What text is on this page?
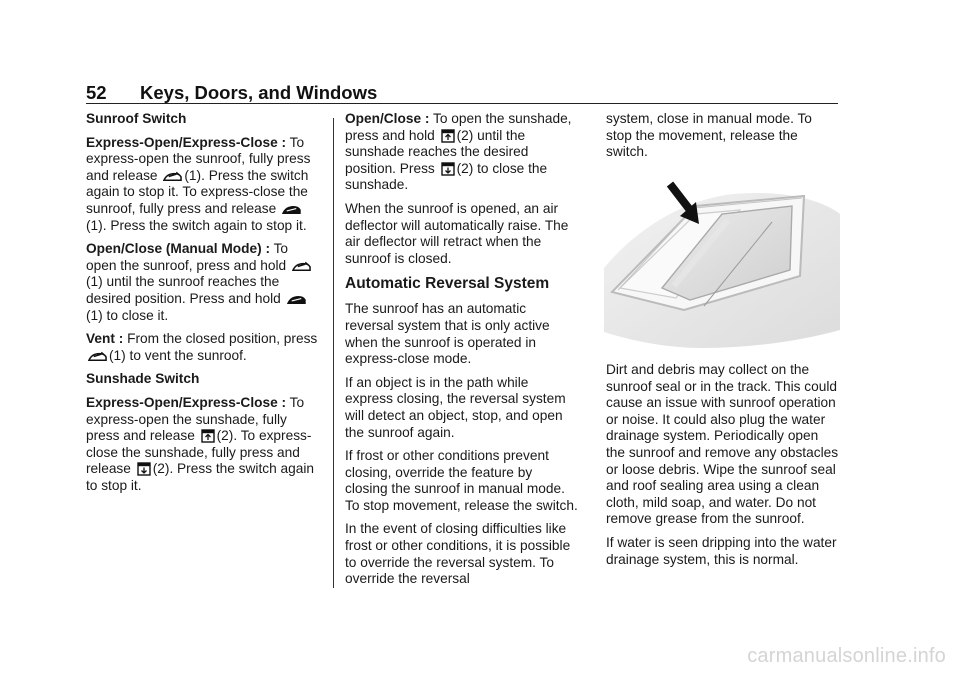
52 Keys, Doors, and Windows

Sunroof Switch

Express-Open/Express-Close : To express-open the sunroof, fully press and release (1). Press the switch again to stop it. To express-close the sunroof, fully press and release
(1). Press the switch again to stop it.

Open/Close (Manual Mode) : To open the sunroof, press and hold
(1) until the sunroof reaches the desired position. Press and hold
(1) to close it.

Vent : From the closed position, press
(1) to vent the sunroof.

Sunshade Switch

Express-Open/Express-Close : To express-open the sunshade, fully press and release (2). To express-close the sunshade, fully press and release (2). Press the switch again to stop it.

Open/Close : To open the sunshade, press and hold (2) until the sunshade reaches the desired position. Press (2) to close the sunshade.

When the sunroof is opened, an air deflector will automatically raise. The air deflector will retract when the sunroof is closed.

Automatic Reversal System

The sunroof has an automatic reversal system that is only active when the sunroof is operated in express-close mode.

If an object is in the path while express closing, the reversal system will detect an object, stop, and open the sunroof again.

If frost or other conditions prevent closing, override the feature by closing the sunroof in manual mode. To stop movement, release the switch.

In the event of closing difficulties like frost or other conditions, it is possible to override the reversal system. To override the reversal

system, close in manual mode. To stop the movement, release the switch.

Dirt and debris may collect on the sunroof seal or in the track. This could cause an issue with sunroof operation or noise. It could also plug the water drainage system. Periodically open the sunroof and remove any obstacles or loose debris. Wipe the sunroof seal and roof sealing area using a clean cloth, mild soap, and water. Do not remove grease from the sunroof.

If water is seen dripping into the water drainage system, this is normal.

carmanualsonline.info
